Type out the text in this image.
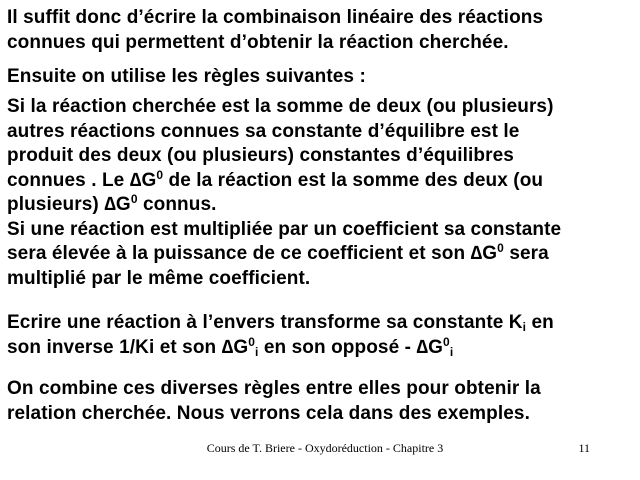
Il suffit donc d’écrire la combinaison linéaire des réactions
connues qui permettent d’obtenir la réaction cherchée.
Ensuite on utilise les règles suivantes :
Si la réaction cherchée est la somme de deux (ou plusieurs)
autres réactions connues sa constante d’équilibre est le
produit des deux (ou plusieurs) constantes d’équilibres
connues . Le $\Delta G^0$ de la réaction est la somme des deux (ou
plusieurs) $\Delta G^0$ connus.
Si une réaction est multipliée par un coefficient sa constante
sera élevée à la puissance de ce coefficient et son $\Delta G^0$ sera
multiplié par le même coefficient.
Ecrire une réaction à l’envers transforme sa constante $K_i$ en
son inverse 1/Ki et son $\Delta G^0_i$ en son opposé - $\Delta G^0_i$
On combine ces diverses règles entre elles pour obtenir la
relation cherchée. Nous verrons cela dans des exemples.
Cours de T. Briere - Oxydoréduction - Chapitre 3	11
